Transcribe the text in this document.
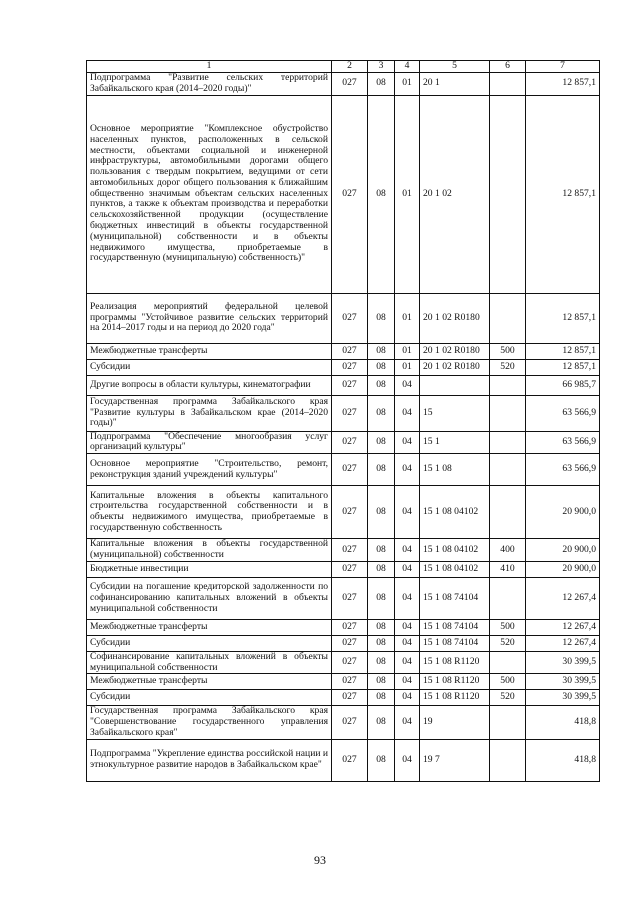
1	2	3	4	5	6	7
Подпрограмма "Развитие сельских территорий Забайкальского края (2014–2020 годы)"	027	08	01	20 1		12 857,1
Основное мероприятие "Комплексное обустройство населенных пунктов, расположенных в сельской местности, объектами социальной и инженерной инфраструктуры, автомобильными дорогами общего пользования с твердым покрытием, ведущими от сети автомобильных дорог общего пользования к ближайшим общественно значимым объектам сельских населенных пунктов, а также к объектам производства и переработки сельскохозяйственной продукции (осуществление бюджетных инвестиций в объекты государственной (муниципальной) собственности и в объекты недвижимого имущества, приобретаемые в государственную (муниципальную) собственность)"	027	08	01	20 1 02		12 857,1
Реализация мероприятий федеральной целевой программы "Устойчивое развитие сельских территорий на 2014–2017 годы и на период до 2020 года"	027	08	01	20 1 02 R0180		12 857,1
Межбюджетные трансферты	027	08	01	20 1 02 R0180	500	12 857,1
Субсидии	027	08	01	20 1 02 R0180	520	12 857,1
Другие вопросы в области культуры, кинематографии	027	08	04			66 985,7
Государственная программа Забайкальского края "Развитие культуры в Забайкальском крае (2014–2020 годы)"	027	08	04	15		63 566,9
Подпрограмма "Обеспечение многообразия услуг организаций культуры"	027	08	04	15 1		63 566,9
Основное мероприятие "Строительство, ремонт, реконструкция зданий учреждений культуры"	027	08	04	15 1 08		63 566,9
Капитальные вложения в объекты капитального строительства государственной собственности и в объекты недвижимого имущества, приобретаемые в государственную собственность	027	08	04	15 1 08 04102		20 900,0
Капитальные вложения в объекты государственной (муниципальной) собственности	027	08	04	15 1 08 04102	400	20 900,0
Бюджетные инвестиции	027	08	04	15 1 08 04102	410	20 900,0
Субсидии на погашение кредиторской задолженности по софинансированию капитальных вложений в объекты муниципальной собственности	027	08	04	15 1 08 74104		12 267,4
Межбюджетные трансферты	027	08	04	15 1 08 74104	500	12 267,4
Субсидии	027	08	04	15 1 08 74104	520	12 267,4
Софинансирование капитальных вложений в объекты муниципальной собственности	027	08	04	15 1 08 R1120		30 399,5
Межбюджетные трансферты	027	08	04	15 1 08 R1120	500	30 399,5
Субсидии	027	08	04	15 1 08 R1120	520	30 399,5
Государственная программа Забайкальского края "Совершенствование государственного управления Забайкальского края"	027	08	04	19		418,8
Подпрограмма "Укрепление единства российской нации и этнокультурное развитие народов в Забайкальском крае"	027	08	04	19 7		418,8
93
